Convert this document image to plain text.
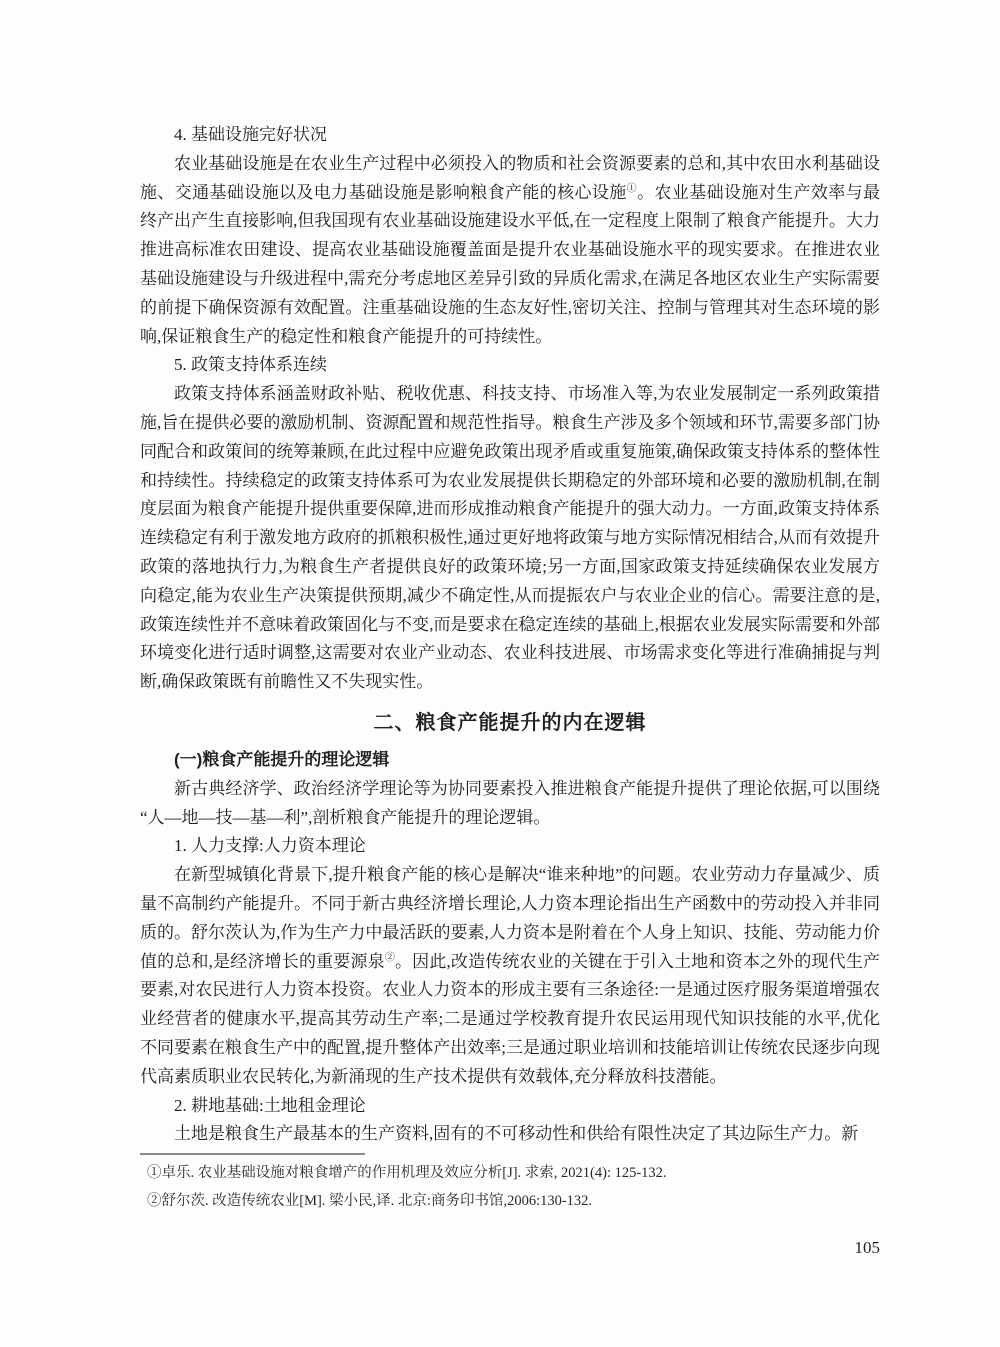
4. 基础设施完好状况

农业基础设施是在农业生产过程中必须投入的物质和社会资源要素的总和,其中农田水利基础设施、交通基础设施以及电力基础设施是影响粮食产能的核心设施①。农业基础设施对生产效率与最终产出产生直接影响,但我国现有农业基础设施建设水平低,在一定程度上限制了粮食产能提升。大力推进高标准农田建设、提高农业基础设施覆盖面是提升农业基础设施水平的现实要求。在推进农业基础设施建设与升级进程中,需充分考虑地区差异引致的异质化需求,在满足各地区农业生产实际需要的前提下确保资源有效配置。注重基础设施的生态友好性,密切关注、控制与管理其对生态环境的影响,保证粮食生产的稳定性和粮食产能提升的可持续性。

5. 政策支持体系连续

政策支持体系涵盖财政补贴、税收优惠、科技支持、市场准入等,为农业发展制定一系列政策措施,旨在提供必要的激励机制、资源配置和规范性指导。粮食生产涉及多个领域和环节,需要多部门协同配合和政策间的统筹兼顾,在此过程中应避免政策出现矛盾或重复施策,确保政策支持体系的整体性和持续性。持续稳定的政策支持体系可为农业发展提供长期稳定的外部环境和必要的激励机制,在制度层面为粮食产能提升提供重要保障,进而形成推动粮食产能提升的强大动力。一方面,政策支持体系连续稳定有利于激发地方政府的抓粮积极性,通过更好地将政策与地方实际情况相结合,从而有效提升政策的落地执行力,为粮食生产者提供良好的政策环境;另一方面,国家政策支持延续确保农业发展方向稳定,能为农业生产决策提供预期,减少不确定性,从而提振农户与农业企业的信心。需要注意的是,政策连续性并不意味着政策固化与不变,而是要求在稳定连续的基础上,根据农业发展实际需要和外部环境变化进行适时调整,这需要对农业产业动态、农业科技进展、市场需求变化等进行准确捕捉与判断,确保政策既有前瞻性又不失现实性。

二、粮食产能提升的内在逻辑

(一)粮食产能提升的理论逻辑

新古典经济学、政治经济学理论等为协同要素投入推进粮食产能提升提供了理论依据,可以围绕“人—地—技—基—利”,剖析粮食产能提升的理论逻辑。

1. 人力支撑:人力资本理论

在新型城镇化背景下,提升粮食产能的核心是解决“谁来种地”的问题。农业劳动力存量减少、质量不高制约产能提升。不同于新古典经济增长理论,人力资本理论指出生产函数中的劳动投入并非同质的。舒尔茨认为,作为生产力中最活跃的要素,人力资本是附着在个人身上知识、技能、劳动能力价值的总和,是经济增长的重要源泉②。因此,改造传统农业的关键在于引入土地和资本之外的现代生产要素,对农民进行人力资本投资。农业人力资本的形成主要有三条途径:一是通过医疗服务渠道增强农业经营者的健康水平,提高其劳动生产率;二是通过学校教育提升农民运用现代知识技能的水平,优化不同要素在粮食生产中的配置,提升整体产出效率;三是通过职业培训和技能培训让传统农民逐步向现代高素质职业农民转化,为新涌现的生产技术提供有效载体,充分释放科技潜能。

2. 耕地基础:土地租金理论

土地是粮食生产最基本的生产资料,固有的不可移动性和供给有限性决定了其边际生产力。新

①卓乐. 农业基础设施对粮食增产的作用机理及效应分析[J]. 求索, 2021(4): 125-132.

②舒尔茨. 改造传统农业[M]. 梁小民,译. 北京:商务印书馆,2006:130-132.

105
